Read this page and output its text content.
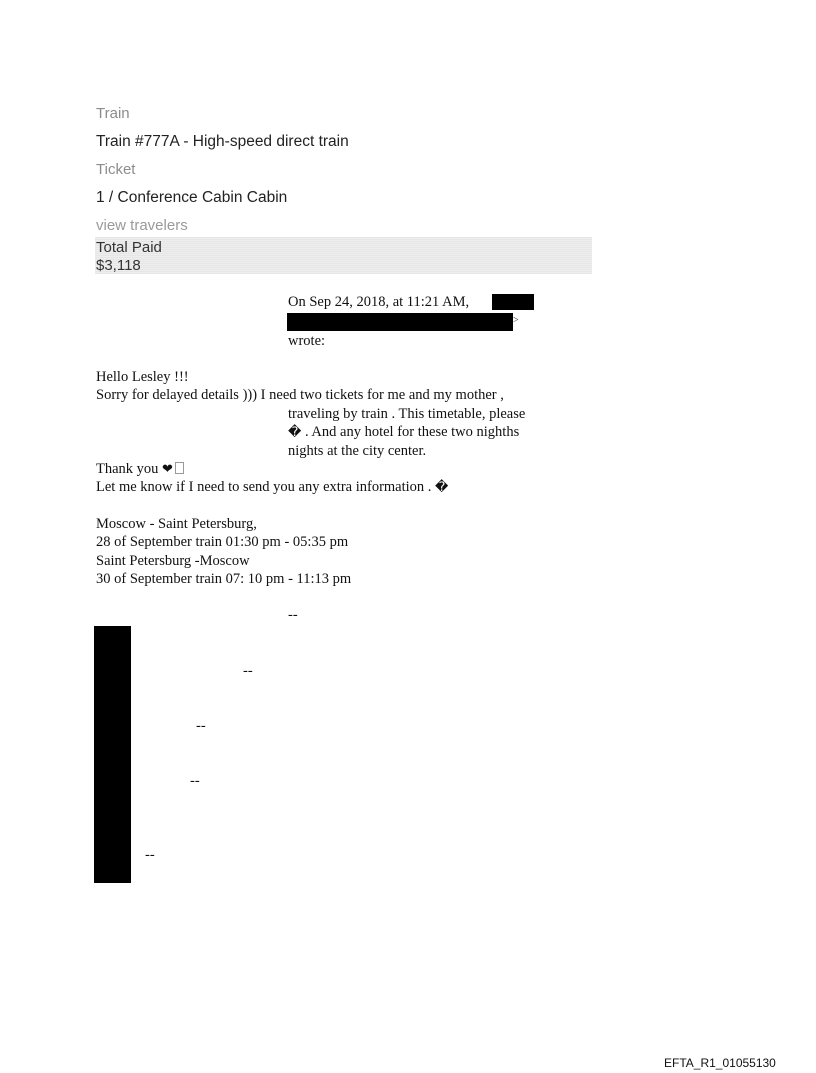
Train
Train #777A - High-speed direct train
Ticket
1 / Conference Cabin Cabin
view travelers
Total Paid
$3,118
On Sep 24, 2018, at 11:21 AM,
>
wrote:
Hello Lesley !!!
Sorry for delayed details ))) I need two tickets for me and my mother ,
traveling by train . This timetable, please
� . And any hotel for these two nighths
nights at the city center.
Thank you ❤
Let me know if I need to send you any extra information . �
Moscow - Saint Petersburg,
28 of September train 01:30 pm - 05:35 pm
Saint Petersburg -Moscow
30 of September train 07: 10 pm - 11:13 pm
--
--
--
--
--
EFTA_R1_01055130
